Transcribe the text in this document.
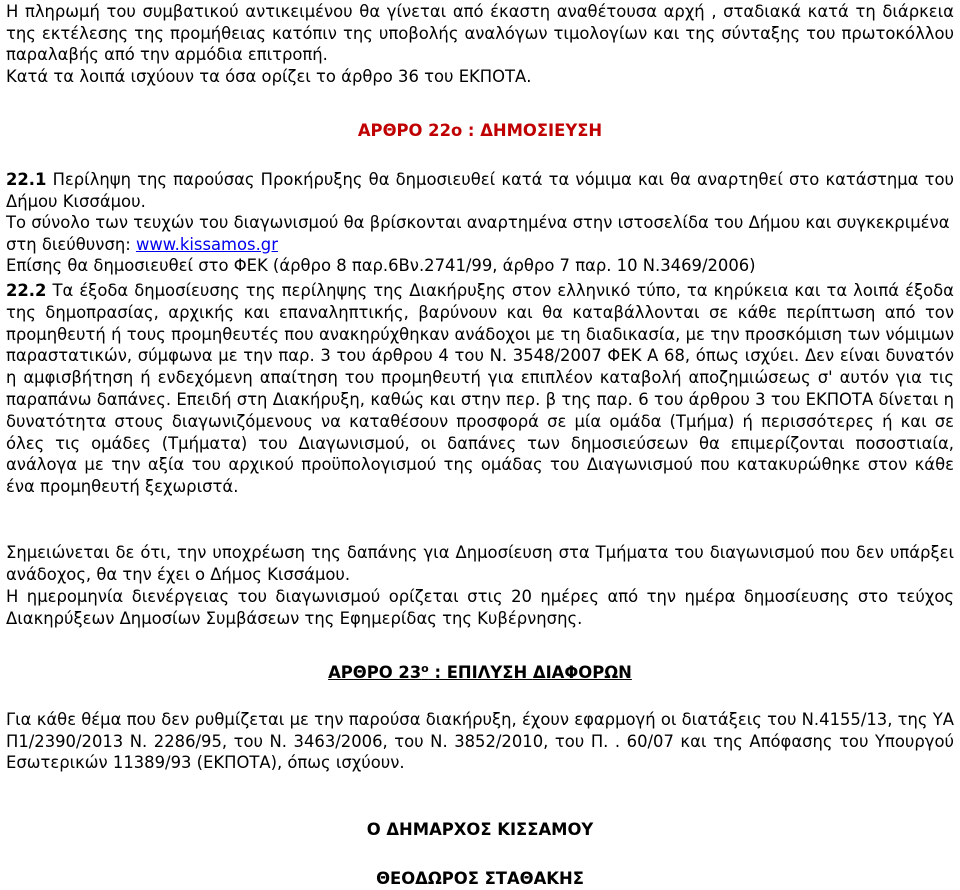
Η πληρωμή του συμβατικού αντικειμένου θα γίνεται από έκαστη αναθέτουσα αρχή , σταδιακά κατά τη διάρκεια της εκτέλεσης της προμήθειας κατόπιν της υποβολής αναλόγων τιμολογίων και της σύνταξης του πρωτοκόλλου παραλαβής από την αρμόδια επιτροπή.
Κατά τα λοιπά ισχύουν τα όσα ορίζει το άρθρο 36 του ΕΚΠΟΤΑ.

ΑΡΘΡΟ 22ο : ΔΗΜΟΣΙΕΥΣΗ

22.1 Περίληψη της παρούσας Προκήρυξης θα δημοσιευθεί κατά τα νόμιμα και θα αναρτηθεί στο κατάστημα του Δήμου Κισσάμου.

Το σύνολο των τευχών του διαγωνισμού θα βρίσκονται αναρτημένα στην ιστοσελίδα του Δήμου και συγκεκριμένα στη διεύθυνση: www.kissamos.gr

Επίσης θα δημοσιευθεί στο ΦΕΚ (άρθρο 8 παρ.6Βν.2741/99, άρθρο 7 παρ. 10 Ν.3469/2006)

22.2 Τα έξοδα δημοσίευσης της περίληψης της Διακήρυξης στον ελληνικό τύπο, τα κηρύκεια και τα λοιπά έξοδα της δημοπρασίας, αρχικής και επαναληπτικής, βαρύνουν και θα καταβάλλονται σε κάθε περίπτωση από τον προμηθευτή ή τους προμηθευτές που ανακηρύχθηκαν ανάδοχοι με τη διαδικασία, με την προσκόμιση των νόμιμων παραστατικών, σύμφωνα με την παρ. 3 του άρθρου 4 του Ν. 3548/2007 ΦΕΚ Α 68, όπως ισχύει. Δεν είναι δυνατόν η αμφισβήτηση ή ενδεχόμενη απαίτηση του προμηθευτή για επιπλέον καταβολή αποζημιώσεως σ' αυτόν για τις παραπάνω δαπάνες. Επειδή στη Διακήρυξη, καθώς και στην περ. β της παρ. 6 του άρθρου 3 του ΕΚΠΟΤΑ δίνεται η δυνατότητα στους διαγωνιζόμενους να καταθέσουν προσφορά σε μία ομάδα (Τμήμα) ή περισσότερες ή και σε όλες τις ομάδες (Τμήματα) του Διαγωνισμού, οι δαπάνες των δημοσιεύσεων θα επιμερίζονται ποσοστιαία, ανάλογα με την αξία του αρχικού προϋπολογισμού της ομάδας του Διαγωνισμού που κατακυρώθηκε στον κάθε ένα προμηθευτή ξεχωριστά.

Σημειώνεται δε ότι, την υποχρέωση της δαπάνης για Δημοσίευση στα Τμήματα του διαγωνισμού που δεν υπάρξει ανάδοχος, θα την έχει ο Δήμος Κισσάμου.

Η ημερομηνία διενέργειας του διαγωνισμού ορίζεται στις 20 ημέρες από την ημέρα δημοσίευσης στο τεύχος Διακηρύξεων Δημοσίων Συμβάσεων της Εφημερίδας της Κυβέρνησης.

ΑΡΘΡΟ $23^o$ : ΕΠΙΛΥΣΗ ΔΙΑΦΟΡΩΝ

Για κάθε θέμα που δεν ρυθμίζεται με την παρούσα διακήρυξη, έχουν εφαρμογή οι διατάξεις του Ν.4155/13, της ΥΑ Π1/2390/2013 Ν. 2286/95, του Ν. 3463/2006, του Ν. 3852/2010, του Π. . 60/07 και της Απόφασης του Υπουργού Εσωτερικών 11389/93 (ΕΚΠΟΤΑ), όπως ισχύουν.

Ο ΔΗΜΑΡΧΟΣ ΚΙΣΣΑΜΟΥ

ΘΕΟΔΩΡΟΣ ΣΤΑΘΑΚΗΣ
